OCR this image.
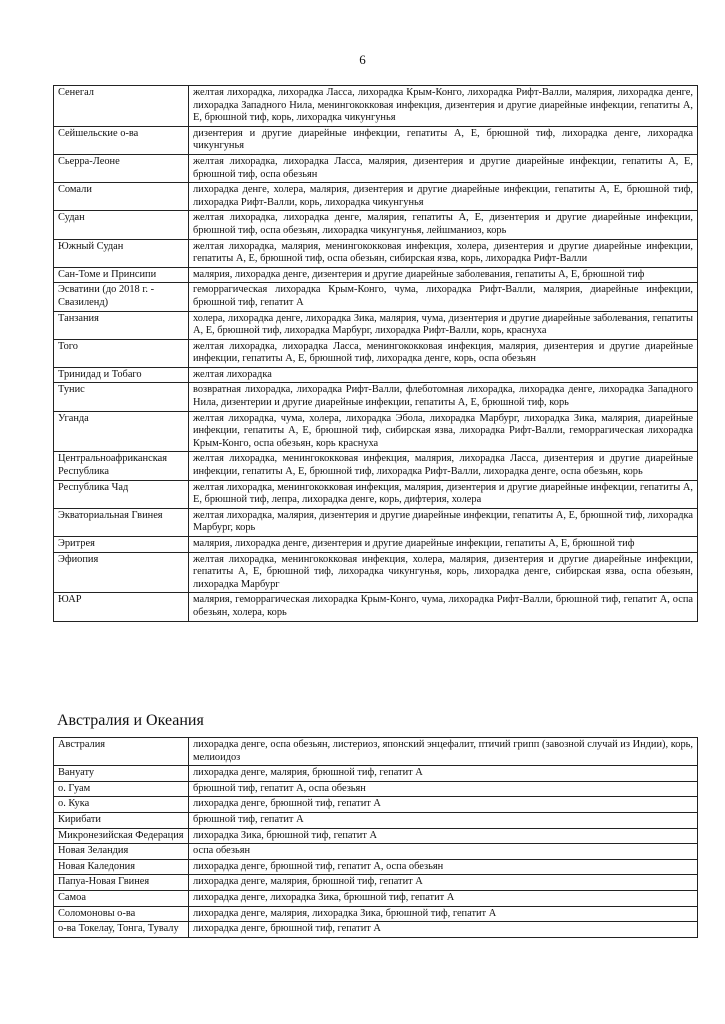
6
Сенегал	желтая лихорадка, лихорадка Ласса, лихорадка Крым-Конго, лихорадка Рифт-Валли, малярия, лихорадка денге, лихорадка Западного Нила, менингококковая инфекция, дизентерия и другие диарейные инфекции, гепатиты А, Е, брюшной тиф, корь, лихорадка чикунгунья
Сейшельские о-ва	дизентерия и другие диарейные инфекции, гепатиты А, Е, брюшной тиф, лихорадка денге, лихорадка чикунгунья
Сьерра-Леоне	желтая лихорадка, лихорадка Ласса, малярия, дизентерия и другие диарейные инфекции, гепатиты А, Е, брюшной тиф, оспа обезьян
Сомали	лихорадка денге, холера, малярия, дизентерия и другие диарейные инфекции, гепатиты А, Е, брюшной тиф, лихорадка Рифт-Валли, корь, лихорадка чикунгунья
Судан	желтая лихорадка, лихорадка денге, малярия, гепатиты А, Е, дизентерия и другие диарейные инфекции, брюшной тиф, оспа обезьян, лихорадка чикунгунья, лейшманиоз, корь
Южный Судан	желтая лихорадка, малярия, менингококковая инфекция, холера, дизентерия и другие диарейные инфекции, гепатиты А, Е, брюшной тиф, оспа обезьян, сибирская язва, корь, лихорадка Рифт-Валли
Сан-Томе и Принсипи	малярия, лихорадка денге, дизентерия и другие диарейные заболевания, гепатиты А, Е, брюшной тиф
Эсватини (до 2018 г. - Свазиленд)	геморрагическая лихорадка Крым-Конго, чума, лихорадка Рифт-Валли, малярия, диарейные инфекции, брюшной тиф, гепатит А
Танзания	холера, лихорадка денге, лихорадка Зика, малярия, чума, дизентерия и другие диарейные заболевания, гепатиты А, Е, брюшной тиф, лихорадка Марбург, лихорадка Рифт-Валли, корь, краснуха
Того	желтая лихорадка, лихорадка Ласса, менингококковая инфекция, малярия, дизентерия и другие диарейные инфекции, гепатиты А, Е, брюшной тиф, лихорадка денге, корь, оспа обезьян
Тринидад и Тобаго	желтая лихорадка
Тунис	возвратная лихорадка, лихорадка Рифт-Валли, флеботомная лихорадка, лихорадка денге, лихорадка Западного Нила, дизентерии и другие диарейные инфекции, гепатиты А, Е, брюшной тиф, корь
Уганда	желтая лихорадка, чума, холера, лихорадка Эбола, лихорадка Марбург, лихорадка Зика, малярия, диарейные инфекции, гепатиты А, Е, брюшной тиф, сибирская язва, лихорадка Рифт-Валли, геморрагическая лихорадка Крым-Конго, оспа обезьян, корь краснуха
Центральноафриканская Республика	желтая лихорадка, менингококковая инфекция, малярия, лихорадка Ласса, дизентерия и другие диарейные инфекции, гепатиты А, Е, брюшной тиф, лихорадка Рифт-Валли, лихорадка денге, оспа обезьян, корь
Республика Чад	желтая лихорадка, менингококковая инфекция, малярия, дизентерия и другие диарейные инфекции, гепатиты А, Е, брюшной тиф, лепра, лихорадка денге, корь, дифтерия, холера
Экваториальная Гвинея	желтая лихорадка, малярия, дизентерия и другие диарейные инфекции, гепатиты А, Е, брюшной тиф, лихорадка Марбург, корь
Эритрея	малярия, лихорадка денге, дизентерия и другие диарейные инфекции, гепатиты А, Е, брюшной тиф
Эфиопия	желтая лихорадка, менингококковая инфекция, холера, малярия, дизентерия и другие диарейные инфекции, гепатиты А, Е, брюшной тиф, лихорадка чикунгунья, корь, лихорадка денге, сибирская язва, оспа обезьян, лихорадка Марбург
ЮАР	малярия, геморрагическая лихорадка Крым-Конго, чума, лихорадка Рифт-Валли, брюшной тиф, гепатит А, оспа обезьян, холера, корь
Австралия и Океания
Австралия	лихорадка денге, оспа обезьян, листериоз, японский энцефалит, птичий грипп (завозной случай из Индии), корь, мелиоидоз
Вануату	лихорадка денге, малярия, брюшной тиф, гепатит А
о. Гуам	брюшной тиф, гепатит А, оспа обезьян
о. Кука	лихорадка денге, брюшной тиф, гепатит А
Кирибати	брюшной тиф, гепатит А
Микронезийская Федерация	лихорадка Зика, брюшной тиф, гепатит А
Новая Зеландия	оспа обезьян
Новая Каледония	лихорадка денге, брюшной тиф, гепатит А, оспа обезьян
Папуа-Новая Гвинея	лихорадка денге, малярия, брюшной тиф, гепатит А
Самоа	лихорадка денге, лихорадка Зика, брюшной тиф, гепатит А
Соломоновы о-ва	лихорадка денге, малярия, лихорадка Зика, брюшной тиф, гепатит А
о-ва Токелау, Тонга, Тувалу	лихорадка денге, брюшной тиф, гепатит А
